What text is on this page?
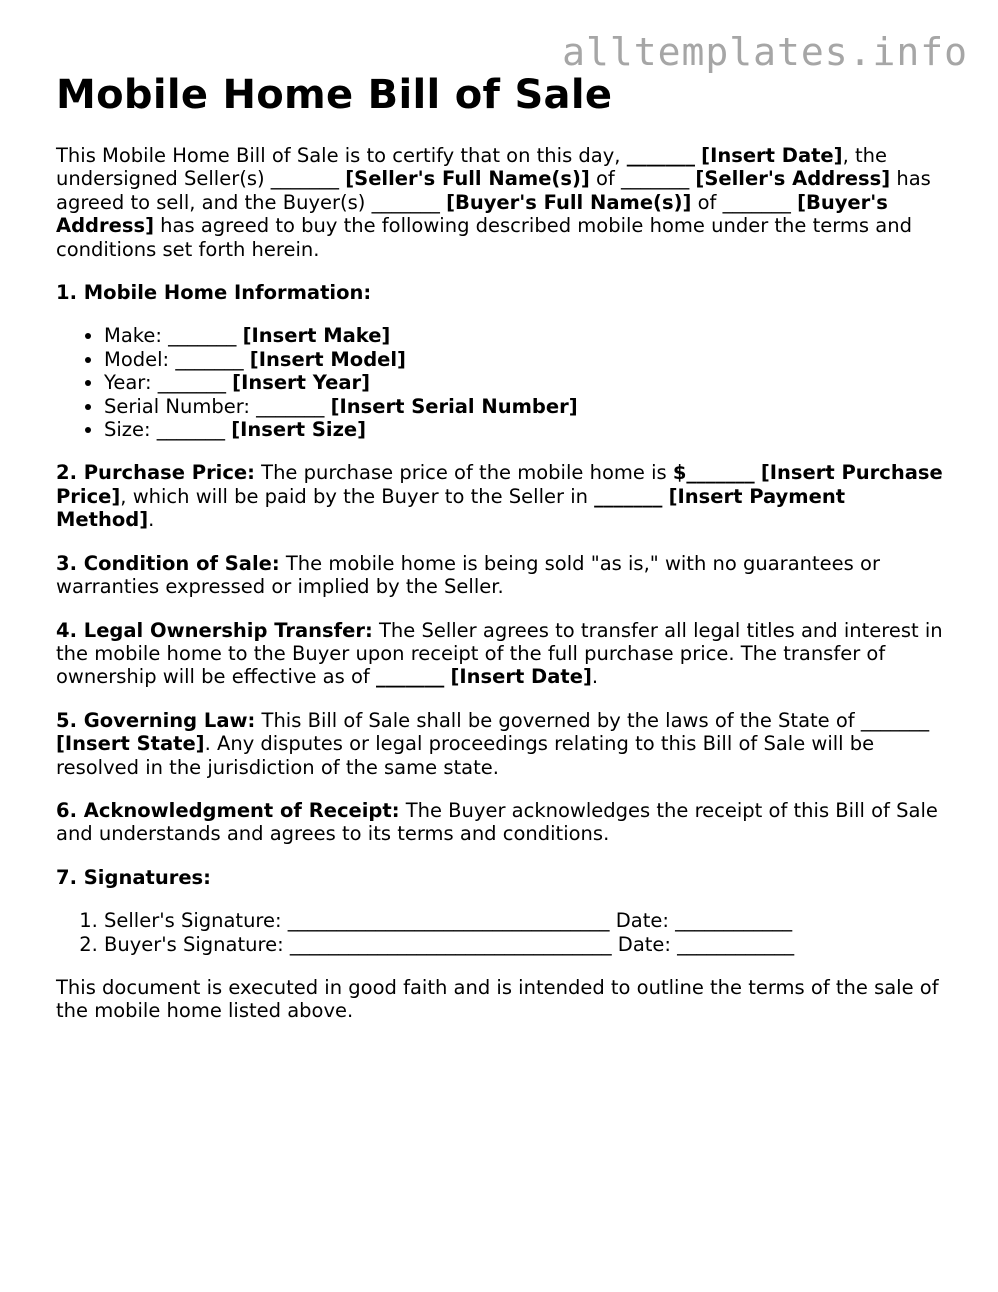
alltemplates.info
Mobile Home Bill of Sale

This Mobile Home Bill of Sale is to certify that on this day, _______ [Insert Date], the undersigned Seller(s) _______ [Seller's Full Name(s)] of _______ [Seller's Address] has agreed to sell, and the Buyer(s) _______ [Buyer's Full Name(s)] of _______ [Buyer's Address] has agreed to buy the following described mobile home under the terms and conditions set forth herein.

1. Mobile Home Information:

• Make: _______ [Insert Make]
• Model: _______ [Insert Model]
• Year: _______ [Insert Year]
• Serial Number: _______ [Insert Serial Number]
• Size: _______ [Insert Size]

2. Purchase Price: The purchase price of the mobile home is $_______ [Insert Purchase Price], which will be paid by the Buyer to the Seller in _______ [Insert Payment Method].

3. Condition of Sale: The mobile home is being sold "as is," with no guarantees or warranties expressed or implied by the Seller.

4. Legal Ownership Transfer: The Seller agrees to transfer all legal titles and interest in the mobile home to the Buyer upon receipt of the full purchase price. The transfer of ownership will be effective as of _______ [Insert Date].

5. Governing Law: This Bill of Sale shall be governed by the laws of the State of _______ [Insert State]. Any disputes or legal proceedings relating to this Bill of Sale will be resolved in the jurisdiction of the same state.

6. Acknowledgment of Receipt: The Buyer acknowledges the receipt of this Bill of Sale and understands and agrees to its terms and conditions.

7. Signatures:

1. Seller's Signature: _________________________________ Date: ____________
2. Buyer's Signature: _________________________________ Date: ____________

This document is executed in good faith and is intended to outline the terms of the sale of the mobile home listed above.
